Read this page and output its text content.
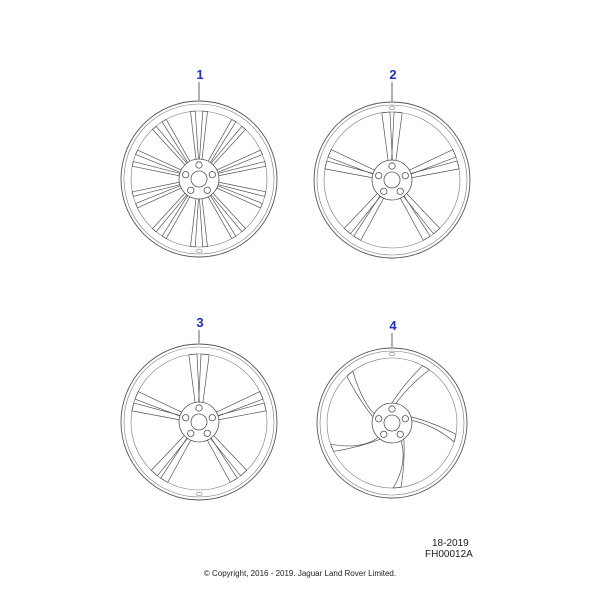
1	2
3	4
18-2019
FH00012A
© Copyright, 2016 - 2019. Jaguar Land Rover Limited.
